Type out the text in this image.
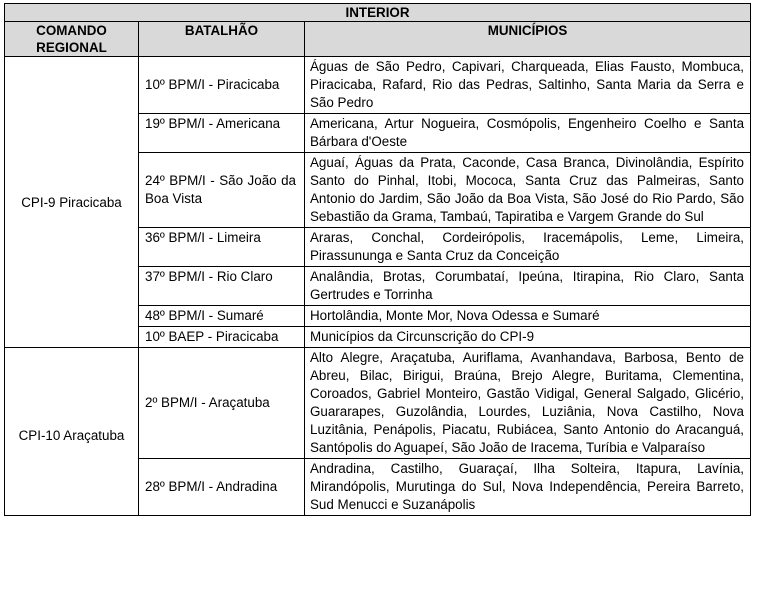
INTERIOR		
COMANDO REGIONAL	BATALHÃO	MUNICÍPIOS
CPI-9 Piracicaba	10º BPM/I - Piracicaba	Águas de São Pedro, Capivari, Charqueada, Elias Fausto, Mombuca, Piracicaba, Rafard, Rio das Pedras, Saltinho, Santa Maria da Serra e São Pedro
	19º BPM/I - Americana	Americana, Artur Nogueira, Cosmópolis, Engenheiro Coelho e Santa Bárbara d'Oeste
	24º BPM/I - São João da Boa Vista	Aguaí, Águas da Prata, Caconde, Casa Branca, Divinolândia, Espírito Santo do Pinhal, Itobi, Mococa, Santa Cruz das Palmeiras, Santo Antonio do Jardim, São João da Boa Vista, São José do Rio Pardo, São Sebastião da Grama, Tambaú, Tapiratiba e Vargem Grande do Sul
	36º BPM/I - Limeira	Araras, Conchal, Cordeirópolis, Iracemápolis, Leme, Limeira, Pirassununga e Santa Cruz da Conceição
	37º BPM/I - Rio Claro	Analândia, Brotas, Corumbataí, Ipeúna, Itirapina, Rio Claro, Santa Gertrudes e Torrinha
	48º BPM/I - Sumaré	Hortolândia, Monte Mor, Nova Odessa e Sumaré
	10º BAEP - Piracicaba	Municípios da Circunscrição do CPI-9
CPI-10 Araçatuba	2º BPM/I - Araçatuba	Alto Alegre, Araçatuba, Auriflama, Avanhandava, Barbosa, Bento de Abreu, Bilac, Birigui, Braúna, Brejo Alegre, Buritama, Clementina, Coroados, Gabriel Monteiro, Gastão Vidigal, General Salgado, Glicério, Guararapes, Guzolândia, Lourdes, Luziânia, Nova Castilho, Nova Luzitânia, Penápolis, Piacatu, Rubiácea, Santo Antonio do Aracanguá, Santópolis do Aguapeí, São João de Iracema, Turíbia e Valparaíso
	28º BPM/I - Andradina	Andradina, Castilho, Guaraçaí, Ilha Solteira, Itapura, Lavínia, Mirandópolis, Murutinga do Sul, Nova Independência, Pereira Barreto, Sud Menucci e Suzanápolis
